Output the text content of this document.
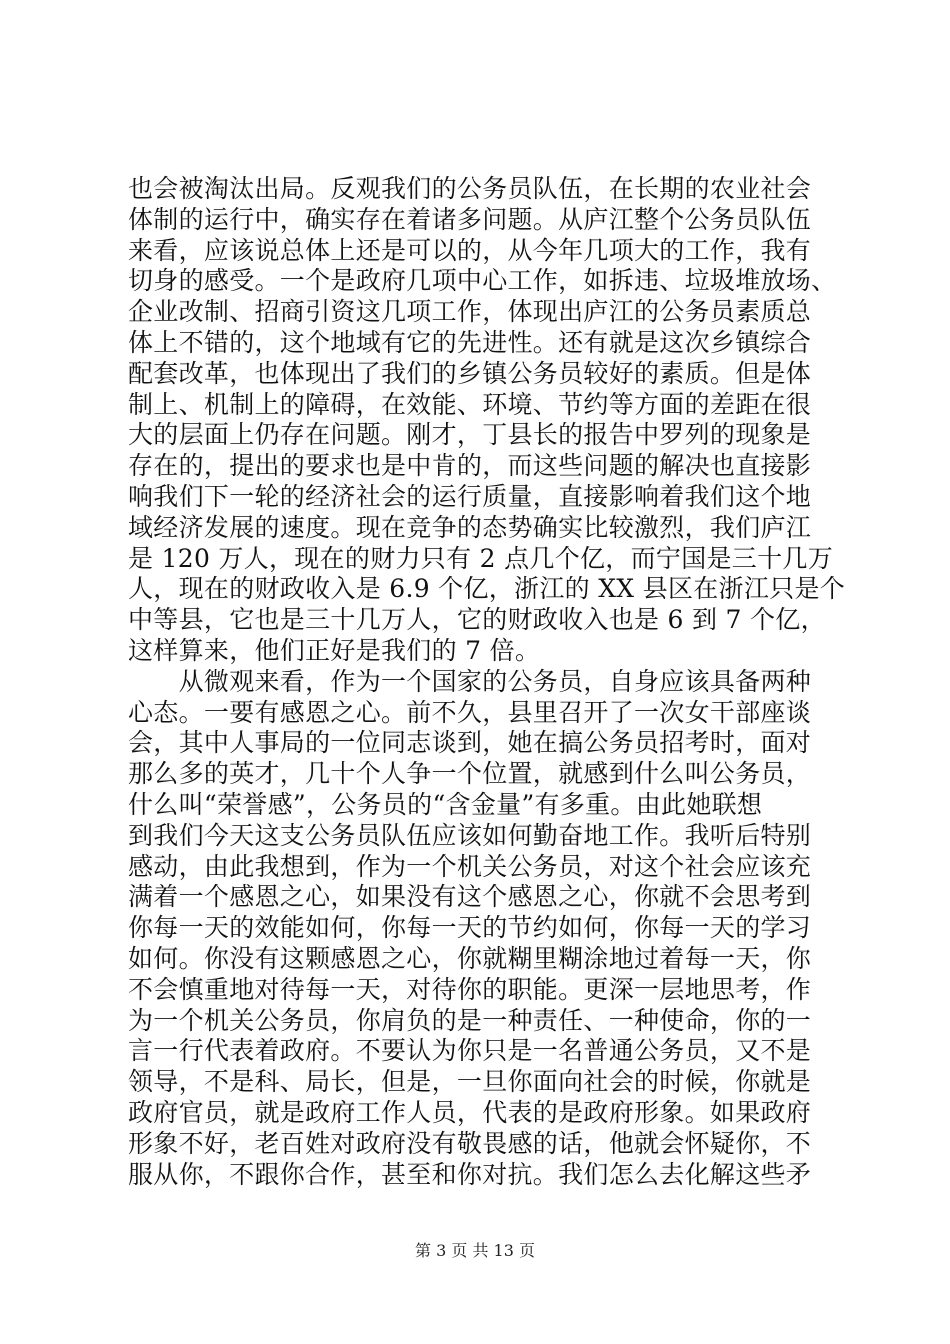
也会被淘汰出局。反观我们的公务员队伍，在长期的农业社会
体制的运行中，确实存在着诸多问题。从庐江整个公务员队伍
来看，应该说总体上还是可以的，从今年几项大的工作，我有
切身的感受。一个是政府几项中心工作，如拆违、垃圾堆放场、
企业改制、招商引资这几项工作，体现出庐江的公务员素质总
体上不错的，这个地域有它的先进性。还有就是这次乡镇综合
配套改革，也体现出了我们的乡镇公务员较好的素质。但是体
制上、机制上的障碍，在效能、环境、节约等方面的差距在很
大的层面上仍存在问题。刚才，丁县长的报告中罗列的现象是
存在的，提出的要求也是中肯的，而这些问题的解决也直接影
响我们下一轮的经济社会的运行质量，直接影响着我们这个地
域经济发展的速度。现在竞争的态势确实比较激烈，我们庐江
是 120 万人，现在的财力只有 2 点几个亿，而宁国是三十几万
人，现在的财政收入是 6.9 个亿，浙江的 XX 县区在浙江只是个
中等县，它也是三十几万人，它的财政收入也是 6 到 7 个亿，
这样算来，他们正好是我们的 7 倍。
　　从微观来看，作为一个国家的公务员，自身应该具备两种
心态。一要有感恩之心。前不久，县里召开了一次女干部座谈
会，其中人事局的一位同志谈到，她在搞公务员招考时，面对
那么多的英才，几十个人争一个位置，就感到什么叫公务员，
什么叫“荣誉感”，公务员的“含金量”有多重。由此她联想
到我们今天这支公务员队伍应该如何勤奋地工作。我听后特别
感动，由此我想到，作为一个机关公务员，对这个社会应该充
满着一个感恩之心，如果没有这个感恩之心，你就不会思考到
你每一天的效能如何，你每一天的节约如何，你每一天的学习
如何。你没有这颗感恩之心，你就糊里糊涂地过着每一天，你
不会慎重地对待每一天，对待你的职能。更深一层地思考，作
为一个机关公务员，你肩负的是一种责任、一种使命，你的一
言一行代表着政府。不要认为你只是一名普通公务员，又不是
领导，不是科、局长，但是，一旦你面向社会的时候，你就是
政府官员，就是政府工作人员，代表的是政府形象。如果政府
形象不好，老百姓对政府没有敬畏感的话，他就会怀疑你，不
服从你，不跟你合作，甚至和你对抗。我们怎么去化解这些矛
第 3 页 共 13 页
